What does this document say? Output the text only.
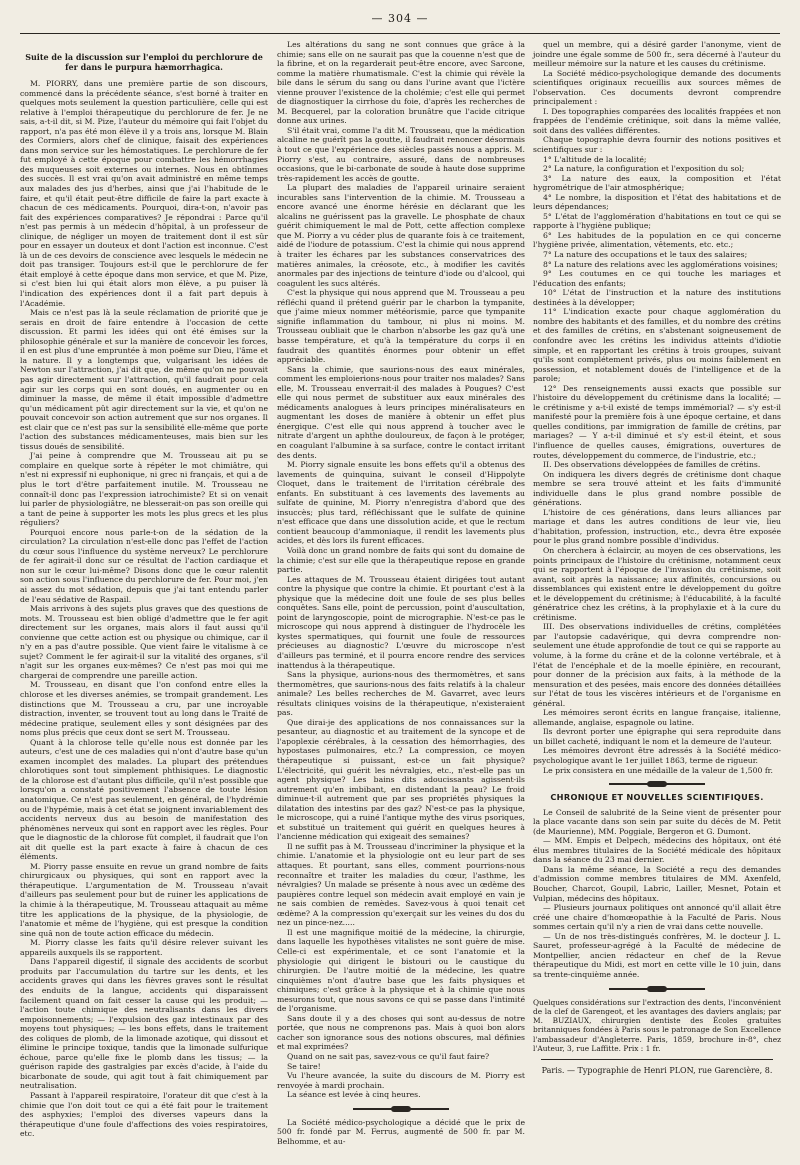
— 304 —
Suite de la discussion sur l'emploi du perchlorure de fer dans le purpura hæmorrhagica.

M. PIORRY, dans une première partie de son discours, commencé dans la précédente séance, s'est borné à traiter en quelques mots seulement la question particulière, celle qui est relative à l'emploi thérapeutique du perchlorure de fer. Je ne sais, a-t-il dit, si M. Pize, l'auteur du mémoire qui fait l'objet du rapport, n'a pas été mon élève il y a trois ans, lorsque M. Blain des Cormiers, alors chef de clinique, faisait des expériences dans mon service sur les hémostatiques. Le perchlorure de fer fut employé à cette époque pour combattre les hémorrhagies des muqueuses soit externes ou internes. Nous en obtînmes des succès. Il est vrai qu'on avait administré en même temps aux malades des jus d'herbes, ainsi que j'ai l'habitude de le faire, et qu'il était peut-être difficile de faire la part exacte à chacun de ces médicaments. Pourquoi, dira-t-on, n'avoir pas fait des expériences comparatives? Je répondrai : Parce qu'il n'est pas permis à un médecin d'hôpital, à un professeur de clinique, de négliger un moyen de traitement dont il est sûr pour en essayer un douteux et dont l'action est inconnue. C'est là un de ces devoirs de conscience avec lesquels le médecin ne doit pas transiger. Toujours est-il que le perchlorure de fer était employé à cette époque dans mon service, et que M. Pize, si c'est bien lui qui était alors mon élève, a pu puiser là l'indication des expériences dont il a fait part depuis à l'Académie.

Mais ce n'est pas là la seule réclamation de priorité que je serais en droit de faire entendre à l'occasion de cette discussion. Et parmi les idées qui ont été émises sur la philosophie générale et sur la manière de concevoir les forces, il en est plus d'une empruntée à mon poëme sur Dieu, l'âme et la nature. Il y a longtemps que, vulgarisant les idées de Newton sur l'attraction, j'ai dit que, de même qu'on ne pouvait pas agir directement sur l'attraction, qu'il faudrait pour cela agir sur les corps qui en sont doués, en augmenter ou en diminuer la masse, de même il était impossible d'admettre qu'un médicament pût agir directement sur la vie, et qu'on ne pouvait concevoir son action autrement que sur nos organes. Il est clair que ce n'est pas sur la sensibilité elle-même que porte l'action des substances médicamenteuses, mais bien sur les tissus doués de sensibilité.

J'ai peine à comprendre que M. Trousseau ait pu se complaire en quelque sorte à répéter le mot chimiâtre, qui n'est ni expressif ni euphonique, ni grec ni français, et qui a de plus le tort d'être parfaitement inutile. M. Trousseau ne connaît-il donc pas l'expression iatrochimiste? Et si on venait lui parler de physiologiâtre, ne blesserait-on pas son oreille qui a tant de peine à supporter les mots les plus grecs et les plus réguliers?

Pourquoi encore nous parle-t-on de la sédation de la circulation? La circulation n'est-elle donc pas l'effet de l'action du cœur sous l'influence du système nerveux? Le perchlorure de fer agirait-il donc sur ce résultat de l'action cardiaque et non sur le cœur lui-même? Disons donc que le cœur ralentit son action sous l'influence du perchlorure de fer. Pour moi, j'en ai assez du mot sédation, depuis que j'ai tant entendu parler de l'eau sédative de Raspail.

Mais arrivons à des sujets plus graves que des questions de mots. M. Trousseau est bien obligé d'admettre que le fer agit directement sur les organes, mais alors il faut aussi qu'il convienne que cette action est ou physique ou chimique, car il n'y en a pas d'autre possible. Que vient faire le vitalisme à ce sujet? Comment le fer agirait-il sur la vitalité des organes, s'il n'agit sur les organes eux-mêmes? Ce n'est pas moi qui me chargerai de comprendre une pareille action.

M. Trousseau, en disant que l'on confond entre elles la chlorose et les diverses anémies, se trompait grandement. Les distinctions que M. Trousseau a cru, par une incroyable distraction, inventer, se trouvent tout au long dans le Traité de médecine pratique, seulement elles y sont désignées par des noms plus précis que ceux dont se sert M. Trousseau.

Quant à la chlorose telle qu'elle nous est donnée par les auteurs, c'est une de ces maladies qui n'ont d'autre base qu'un examen incomplet des malades. La plupart des prétendues chlorotiques sont tout simplement phthisiques. Le diagnostic de la chlorose est d'autant plus difficile, qu'il n'est possible que lorsqu'on a constaté positivement l'absence de toute lésion anatomique. Ce n'est pas seulement, en général, de l'hydrémie ou de l'hypémie, mais à cet état se joignent invariablement des accidents nerveux dus au besoin de manifestation des phénomènes nerveux qui sont en rapport avec les règles. Pour que le diagnostic de la chlorose fût complet, il faudrait que l'on ait dit quelle est la part exacte à faire à chacun de ces éléments.

M. Piorry passe ensuite en revue un grand nombre de faits chirurgicaux ou physiques, qui sont en rapport avec la thérapeutique. L'argumentation de M. Trousseau n'avait d'ailleurs pas seulement pour but de ruiner les applications de la chimie à la thérapeutique, M. Trousseau attaquait au même titre les applications de la physique, de la physiologie, de l'anatomie et même de l'hygiène, qui est presque la condition sine quâ non de toute action efficace du médecin.

M. Piorry classe les faits qu'il désire relever suivant les appareils auxquels ils se rapportent.

Dans l'appareil digestif, il signale des accidents de scorbut produits par l'accumulation du tartre sur les dents, et les accidents graves qui dans les fièvres graves sont le résultat des enduits de la langue, accidents qui disparaissent facilement quand on fait cesser la cause qui les produit; — l'action toute chimique des neutralisants dans les divers empoisonnements; — l'expulsion des gaz intestinaux par des moyens tout physiques; — les bons effets, dans le traitement des coliques de plomb, de la limonade azotique, qui dissout et élimine le principe toxique, tandis que la limonade sulfurique échoue, parce qu'elle fixe le plomb dans les tissus; — la guérison rapide des gastralgies par excès d'acide, à l'aide du bicarbonate de soude, qui agit tout à fait chimiquement par neutralisation.

Passant à l'appareil respiratoire, l'orateur dit que c'est à la chimie que l'on doit tout ce qui a été fait pour le traitement des asphyxies; l'emploi des diverses vapeurs dans la thérapeutique d'une foule d'affections des voies respiratoires, etc.

Les altérations du sang ne sont connues que grâce à la chimie; sans elle on ne saurait pas que la couenne n'est que de la fibrine, et on la regarderait peut-être encore, avec Sarcone, comme la matière rhumatismale. C'est la chimie qui révèle la bile dans le sérum du sang ou dans l'urine avant que l'ictère vienne prouver l'existence de la cholémie; c'est elle qui permet de diagnostiquer la cirrhose du foie, d'après les recherches de M. Becquerel, par la coloration brunâtre que l'acide citrique donne aux urines.

S'il était vrai, comme l'a dit M. Trousseau, que la médication alcaline ne guérît pas la goutte, il faudrait renoncer désormais à tout ce que l'expérience des siècles passés nous a appris. M. Piorry s'est, au contraire, assuré, dans de nombreuses occasions, que le bi-carbonate de soude à haute dose supprime très-rapidement les accès de goutte.

La plupart des maladies de l'appareil urinaire seraient incurables sans l'intervention de la chimie. M. Trousseau a encore avancé une énorme hérésie en déclarant que les alcalins ne guérissent pas la gravelle. Le phosphate de chaux guérit chimiquement le mal de Pott, cette affection complexe que M. Piorry a vu céder plus de quarante fois à ce traitement, aidé de l'iodure de potassium. C'est la chimie qui nous apprend à traiter les échares par les substances conservatrices des matières animales, la créosote, etc., à modifier les cavités anormales par des injections de teinture d'iode ou d'alcool, qui coagulent les sucs altérés.

C'est la physique qui nous apprend que M. Trousseau a peu réfléchi quand il prétend guérir par le charbon la tympanite, que j'aime mieux nommer météorismie, parce que tympanite signifie inflammation du tambour, ni plus ni moins. M. Trousseau oubliait que le charbon n'absorbe les gaz qu'à une basse température, et qu'à la température du corps il en faudrait des quantités énormes pour obtenir un effet appréciable.

Sans la chimie, que saurions-nous des eaux minérales, comment les emploierions-nous pour traiter nos malades? Sans elle, M. Trousseau enverrait-il des malades à Pougues? C'est elle qui nous permet de substituer aux eaux minérales des médicaments analogues à leurs principes minéralisateurs en augmentant les doses de manière à obtenir un effet plus énergique. C'est elle qui nous apprend à toucher avec le nitrate d'argent un aphthe douloureux, de façon à le protéger, en coagulant l'albumine à sa surface, contre le contact irritant des dents.

M. Piorry signale ensuite les bons effets qu'il a obtenus des lavements de quinquina, suivant le conseil d'Hippolyte Cloquet, dans le traitement de l'irritation cérébrale des enfants. En substituant à ces lavements des lavements au sulfate de quinine, M. Piorry n'enregistra d'abord que des insuccès; plus tard, réfléchissant que le sulfate de quinine n'est efficace que dans une dissolution acide, et que le rectum contient beaucoup d'ammoniaque, il rendit les lavements plus acides, et dès lors ils furent efficaces.

Voilà donc un grand nombre de faits qui sont du domaine de la chimie; c'est sur elle que la thérapeutique repose en grande partie.

Les attaques de M. Trousseau étaient dirigées tout autant contre la physique que contre la chimie. Et pourtant c'est à la physique que la médecine doit une foule de ses plus belles conquêtes. Sans elle, point de percussion, point d'auscultation, point de laryngoscopie, point de micrographie. N'est-ce pas le microscope qui nous apprend à distinguer de l'hydrocèle les kystes spermatiques, qui fournit une foule de ressources précieuses au diagnostic? L'œuvre du microscope n'est d'ailleurs pas terminé, et il pourra encore rendre des services inattendus à la thérapeutique.

Sans la physique, aurions-nous des thermomètres, et sans thermomètres, que saurions-nous des faits relatifs à la chaleur animale? Les belles recherches de M. Gavarret, avec leurs résultats cliniques voisins de la thérapeutique, n'existeraient pas.

Que dirai-je des applications de nos connaissances sur la pesanteur, au diagnostic et au traitement de la syncope et de l'apoplexie cérébrales, à la cessation des hémorrhagies, des hypostases pulmonaires, etc.? La compression, ce moyen thérapeutique si puissant, est-ce un fait physique? L'électricité, qui guérit les névralgies, etc., n'est-elle pas un agent physique? Les bains dits adoucissants agissent-ils autrement qu'en imbibant, en distendant la peau? Le froid diminue-t-il autrement que par ses propriétés physiques la dilatation des intestins par des gaz? N'est-ce pas la physique, le microscope, qui a ruiné l'antique mythe des virus psoriques, et substitué un traitement qui guérit en quelques heures à l'ancienne médication qui exigeait des semaines?

Il ne suffit pas à M. Trousseau d'incriminer la physique et la chimie. L'anatomie et la physiologie ont eu leur part de ses attaques. Et pourtant, sans elles, comment pourrions-nous reconnaître et traiter les maladies du cœur, l'asthme, les névralgies? Un malade se présente à nous avec un œdème des paupières contre lequel son médecin avait employé en vain je ne sais combien de remèdes. Savez-vous à quoi tenait cet œdème? A la compression qu'exerçait sur les veines du dos du nez un pince-nez.....

Il est une magnifique moitié de la médecine, la chirurgie, dans laquelle les hypothèses vitalistes ne sont guère de mise. Celle-ci est expérimentale, et ce sont l'anatomie et la physiologie qui dirigent le bistouri ou le caustique du chirurgien. De l'autre moitié de la médecine, les quatre cinquièmes n'ont d'autre base que les faits physiques et chimiques; c'est grâce à la physique et à la chimie que nous mesurons tout, que nous savons ce qui se passe dans l'intimité de l'organisme.

Sans doute il y a des choses qui sont au-dessus de notre portée, que nous ne comprenons pas. Mais à quoi bon alors cacher son ignorance sous des notions obscures, mal définies et mal exprimées?

Quand on ne sait pas, savez-vous ce qu'il faut faire?

Se taire!

Vu l'heure avancée, la suite du discours de M. Piorry est renvoyée à mardi prochain.

La séance est levée à cinq heures.

La Société médico-psychologique a décidé que le prix de 500 fr. fondé par M. Ferrus, augmenté de 500 fr. par M. Belhomme, et au-

quel un membre, qui a désiré garder l'anonyme, vient de joindre une égale somme de 500 fr., sera décerné à l'auteur du meilleur mémoire sur la nature et les causes du crétinisme.

La Société médico-psychologique demande des documents scientifiques originaux recueillis aux sources mêmes de l'observation. Ces documents devront comprendre principalement :

I. Des topographies comparées des localités frappées et non frappées de l'endémie crétinique, soit dans la même vallée, soit dans des vallées différentes.

Chaque topographie devra fournir des notions positives et scientifiques sur :

1° L'altitude de la localité;

2° La nature, la configuration et l'exposition du sol;

3° La nature des eaux, la composition et l'état hygrométrique de l'air atmosphérique;

4° Le nombre, la disposition et l'état des habitations et de leurs dépendances;

5° L'état de l'agglomération d'habitations en tout ce qui se rapporte à l'hygiène publique;

6° Les habitudes de la population en ce qui concerne l'hygiène privée, alimentation, vêtements, etc. etc.;

7° La nature des occupations et le taux des salaires;

8° La nature des relations avec les agglomérations voisines;

9° Les coutumes en ce qui touche les mariages et l'éducation des enfants;

10° L'état de l'instruction et la nature des institutions destinées à la développer;

11° L'indication exacte pour chaque agglomération du nombre des habitants et des familles, et du nombre des crétins et des familles de crétins, en s'abstenant soigneusement de confondre avec les crétins les individus atteints d'idiotie simple, et en rapportant les crétins à trois groupes, suivant qu'ils sont complétement privés, plus ou moins faiblement en possession, et notablement doués de l'intelligence et de la parole;

12° Des renseignements aussi exacts que possible sur l'histoire du développement du crétinisme dans la localité; — le crétinisme y a-t-il existé de temps immémorial? — s'y est-il manifesté pour la première fois à une époque certaine, et dans quelles conditions, par immigration de famille de crétins, par mariages? — Y a-t-il diminué et s'y est-il éteint, et sous l'influence de quelles causes, émigrations, ouvertures de routes, développement du commerce, de l'industrie, etc.;

II. Des observations développées de familles de crétins.

On indiquera les divers degrés de crétinisme dont chaque membre se sera trouvé atteint et les faits d'immunité individuelle dans le plus grand nombre possible de générations.

L'histoire de ces générations, dans leurs alliances par mariage et dans les autres conditions de leur vie, lieu d'habitation, profession, instruction, etc., devra être exposée pour le plus grand nombre possible d'individus.

On cherchera à éclaircir, au moyen de ces observations, les points principaux de l'histoire du crétinisme, notamment ceux qui se rapportent à l'époque de l'invasion du crétinisme, soit avant, soit après la naissance; aux affinités, concursions ou dissemblances qui existent entre le développement du goître et le développement du crétinisme; à l'éducabilité, à la faculté génératrice chez les crétins, à la prophylaxie et à la cure du crétinisme.

III. Des observations individuelles de crétins, complétées par l'autopsie cadavérique, qui devra comprendre non-seulement une étude approfondie de tout ce qui se rapporte au volume, à la forme du crâne et de la colonne vertébrale, et à l'état de l'encéphale et de la moelle épinière, en recourant, pour donner de la précision aux faits, à la méthode de la mensuration et des pesées, mais encore des données détaillées sur l'état de tous les viscères intérieurs et de l'organisme en général.

Les mémoires seront écrits en langue française, italienne, allemande, anglaise, espagnole ou latine.

Ils devront porter une épigraphe qui sera reproduite dans un billet cacheté, indiquant le nom et la demeure de l'auteur.

Les mémoires devront être adressés à la Société médico-psychologique avant le 1er juillet 1863, terme de rigueur.

Le prix consistera en une médaille de la valeur de 1,500 fr.

CHRONIQUE ET NOUVELLES SCIENTIFIQUES.

Le Conseil de salubrité de la Seine vient de présenter pour la place vacante dans son sein par suite du décès de M. Petit (de Maurienne), MM. Poggiale, Bergeron et G. Dumont.

— MM. Empis et Delpech, médecins des hôpitaux, ont été élus membres titulaires de la Société médicale des hôpitaux dans la séance du 23 mai dernier.

Dans la même séance, la Société a reçu des demandes d'admission comme membres titulaires de MM. Axenfeld, Boucher, Charcot, Goupil, Labric, Lailler, Mesnet, Potain et Vulpian, médecins des hôpitaux.

— Plusieurs journaux politiques ont annoncé qu'il allait être créé une chaire d'homœopathie à la Faculté de Paris. Nous sommes certain qu'il n'y a rien de vrai dans cette nouvelle.

— Un de nos très-distingués confrères, M. le docteur J. L. Sauret, professeur-agrégé à la Faculté de médecine de Montpellier, ancien rédacteur en chef de la Revue thérapeutique du Midi, est mort en cette ville le 10 juin, dans sa trente-cinquième année.

Quelques considérations sur l'extraction des dents, l'inconvénient de la clef de Garengeot, et les avantages des daviers anglais; par M. BUZIAUX, chirurgien dentiste des Écoles gratuites britanniques fondées à Paris sous le patronage de Son Excellence l'ambassadeur d'Angleterre. Paris, 1859, brochure in-8°, chez l'Auteur, 3, rue Laffitte. Prix : 1 fr.

Paris. — Typographie de Henri PLON, rue Garencière, 8.
